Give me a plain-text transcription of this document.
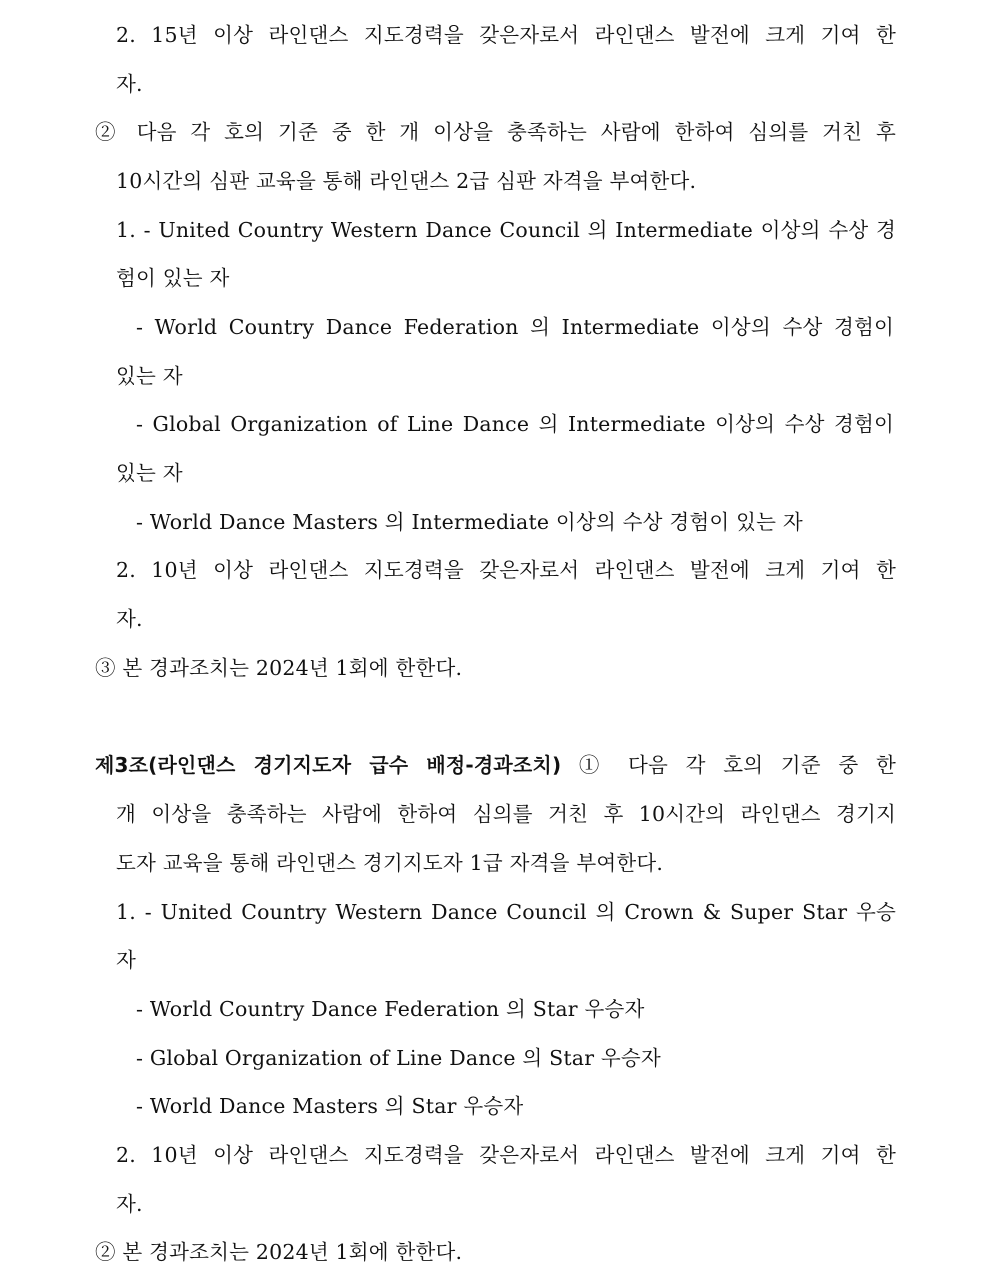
2. 15년 이상 라인댄스 지도경력을 갖은자로서 라인댄스 발전에 크게 기여 한
자.
② 다음 각 호의 기준 중 한 개 이상을 충족하는 사람에 한하여 심의를 거친 후
10시간의 심판 교육을 통해 라인댄스 2급 심판 자격을 부여한다.
1. - United Country Western Dance Council 의 Intermediate 이상의 수상 경
험이 있는 자
- World Country Dance Federation 의 Intermediate 이상의 수상 경험이
있는 자
- Global Organization of Line Dance 의 Intermediate 이상의 수상 경험이
있는 자
- World Dance Masters 의 Intermediate 이상의 수상 경험이 있는 자
2. 10년 이상 라인댄스 지도경력을 갖은자로서 라인댄스 발전에 크게 기여 한
자.
③ 본 경과조치는 2024년 1회에 한한다.
제3조(라인댄스 경기지도자 급수 배정-경과조치) ① 다음 각 호의 기준 중 한
개 이상을 충족하는 사람에 한하여 심의를 거친 후 10시간의 라인댄스 경기지
도자 교육을 통해 라인댄스 경기지도자 1급 자격을 부여한다.
1. - United Country Western Dance Council 의 Crown & Super Star 우승
자
- World Country Dance Federation 의 Star 우승자
- Global Organization of Line Dance 의 Star 우승자
- World Dance Masters 의 Star 우승자
2. 10년 이상 라인댄스 지도경력을 갖은자로서 라인댄스 발전에 크게 기여 한
자.
② 본 경과조치는 2024년 1회에 한한다.
